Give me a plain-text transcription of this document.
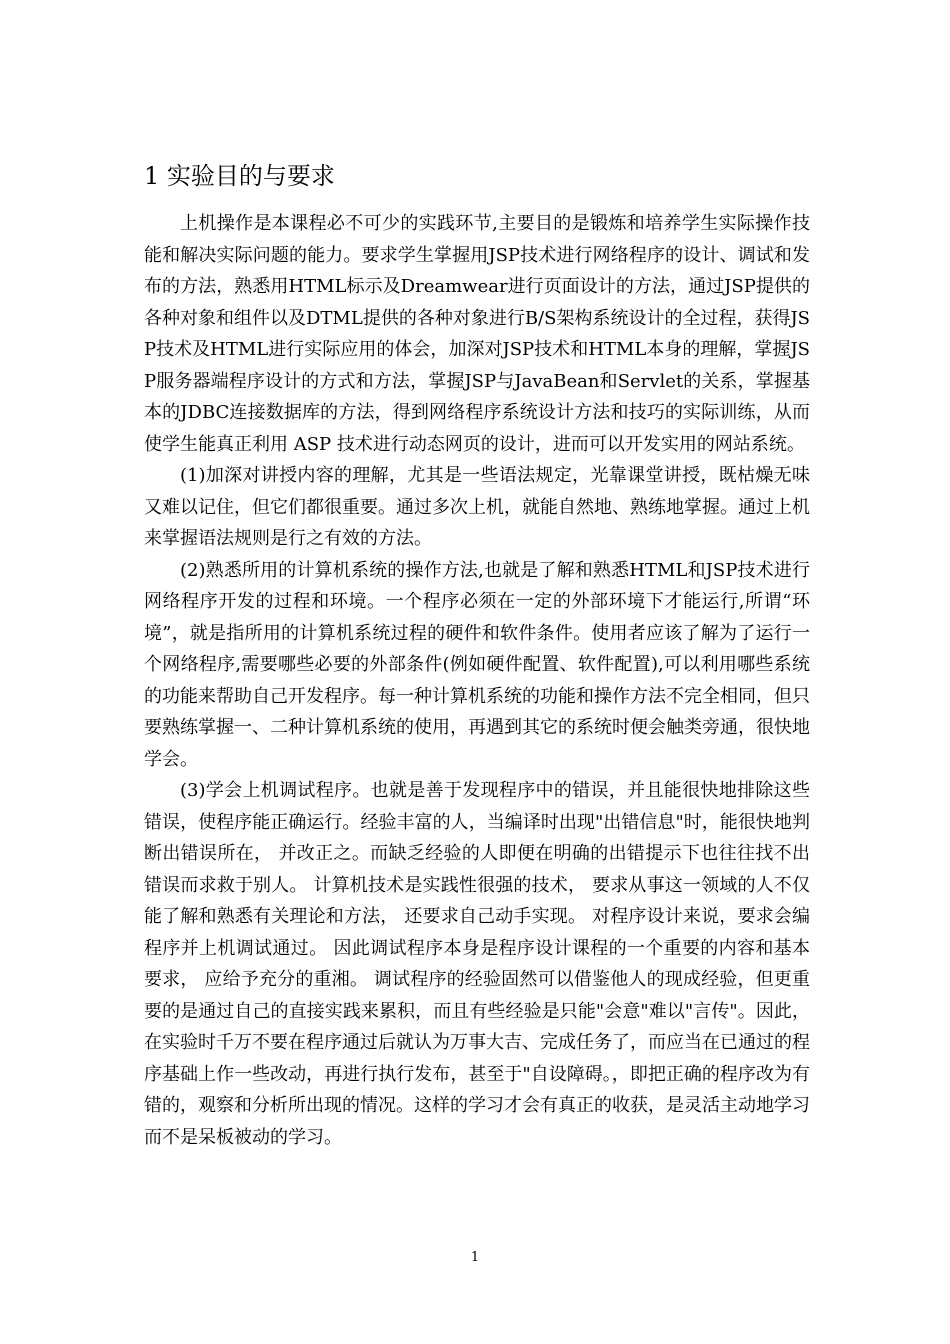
1 实验目的与要求

上机操作是本课程必不可少的实践环节,主要目的是锻炼和培养学生实际操作技能和解决实际问题的能力。要求学生掌握用JSP技术进行网络程序的设计、调试和发布的方法，熟悉用HTML标示及Dreamwear进行页面设计的方法，通过JSP提供的各种对象和组件以及DTML提供的各种对象进行B/S架构系统设计的全过程，获得JSP技术及HTML进行实际应用的体会，加深对JSP技术和HTML本身的理解，掌握JSP服务器端程序设计的方式和方法，掌握JSP与JavaBean和Servlet的关系，掌握基本的JDBC连接数据库的方法，得到网络程序系统设计方法和技巧的实际训练，从而使学生能真正利用 ASP 技术进行动态网页的设计，进而可以开发实用的网站系统。

(1)加深对讲授内容的理解，尤其是一些语法规定，光靠课堂讲授，既枯燥无味又难以记住，但它们都很重要。通过多次上机，就能自然地、熟练地掌握。通过上机来掌握语法规则是行之有效的方法。

(2)熟悉所用的计算机系统的操作方法,也就是了解和熟悉HTML和JSP技术进行网络程序开发的过程和环境。一个程序必须在一定的外部环境下才能运行,所谓“环境”，就是指所用的计算机系统过程的硬件和软件条件。使用者应该了解为了运行一个网络程序,需要哪些必要的外部条件(例如硬件配置、软件配置),可以利用哪些系统的功能来帮助自己开发程序。每一种计算机系统的功能和操作方法不完全相同，但只要熟练掌握一、二种计算机系统的使用，再遇到其它的系统时便会触类旁通，很快地学会。

(3)学会上机调试程序。也就是善于发现程序中的错误，并且能很快地排除这些错误，使程序能正确运行。经验丰富的人，当编译时出现"出错信息"时，能很快地判断出错误所在， 并改正之。而缺乏经验的人即便在明确的出错提示下也往往找不出错误而求救于别人。 计算机技术是实践性很强的技术， 要求从事这一领域的人不仅能了解和熟悉有关理论和方法， 还要求自己动手实现。 对程序设计来说，要求会编程序并上机调试通过。 因此调试程序本身是程序设计课程的一个重要的内容和基本要求， 应给予充分的重湘。 调试程序的经验固然可以借鉴他人的现成经验，但更重要的是通过自己的直接实践来累积，而且有些经验是只能"会意"难以"言传"。因此，在实验时千万不要在程序通过后就认为万事大吉、完成任务了，而应当在已通过的程序基础上作一些改动，再进行执行发布，甚至于"自设障碍。，即把正确的程序改为有错的，观察和分析所出现的情况。这样的学习才会有真正的收获，是灵活主动地学习而不是呆板被动的学习。

1
